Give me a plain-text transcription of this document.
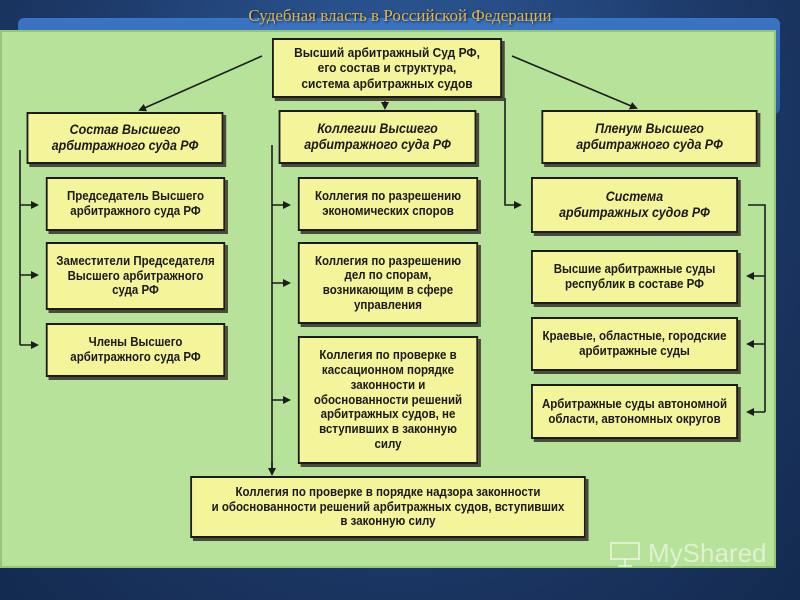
Судебная власть в Российской Федерации
Высший арбитражный Суд РФ,
его состав и структура,
система арбитражных судов
Состав Высшего
арбитражного суда РФ
Коллегии Высшего
арбитражного суда РФ
Пленум Высшего
арбитражного суда РФ
Председатель Высшего
арбитражного суда РФ
Заместители Председателя
Высшего арбитражного
суда РФ
Члены Высшего
арбитражного суда РФ
Коллегия по разрешению
экономических споров
Коллегия по разрешению
дел по спорам,
возникающим в сфере
управления
Коллегия по проверке в
кассационном порядке
законности и
обоснованности решений
арбитражных судов, не
вступивших в законную
силу
Коллегия по проверке в порядке надзора законности
и обоснованности решений арбитражных судов, вступивших
в законную силу
Система
арбитражных судов РФ
Высшие арбитражные суды
республик в составе РФ
Краевые, областные, городские
арбитражные суды
Арбитражные суды автономной
области, автономных округов
MyShared
